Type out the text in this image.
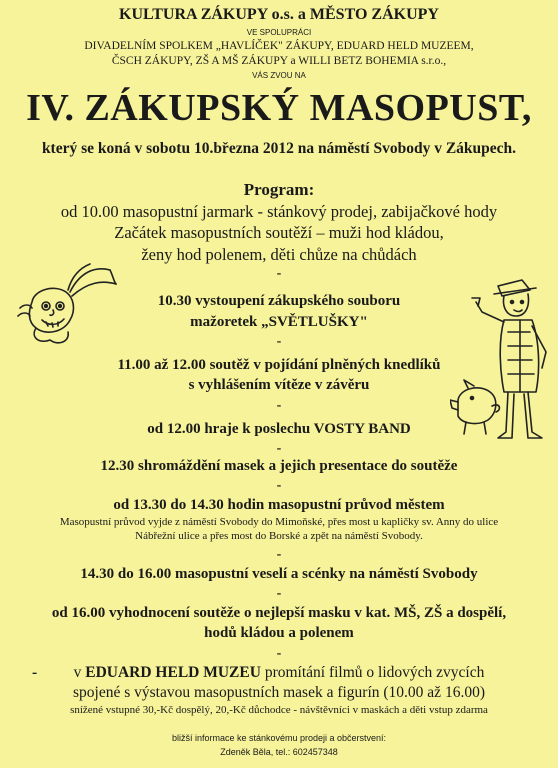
KULTURA ZÁKUPY o.s. a MĚSTO ZÁKUPY
VE SPOLUPRÁCI
DIVADELNÍM SPOLKEM „HAVLÍČEK" ZÁKUPY, EDUARD HELD MUZEEM,
ČSCH ZÁKUPY, ZŠ A MŠ ZÁKUPY a WILLI BETZ BOHEMIA s.r.o.,
VÁS ZVOU NA
IV. ZÁKUPSKÝ MASOPUST,
který se koná v sobotu 10.března 2012 na náměstí Svobody v Zákupech.
Program:
od 10.00 masopustní jarmark - stánkový prodej, zabijačkové hody
Začátek masopustních soutěží – muži hod kládou,
ženy hod polenem, děti chůze na chůdách
-
10.30 vystoupení zákupského souboru
mažoretek „SVĚTLUŠKY"
-
11.00 až 12.00 soutěž v pojídání plněných knedlíků
s vyhlášením vítěze v závěru
-
od 12.00 hraje k poslechu VOSTY BAND
-
12.30 shromáždění masek a jejich presentace do soutěže
-
od 13.30 do 14.30 hodin masopustní průvod městem
Masopustní průvod vyjde z náměstí Svobody do Mimoňské, přes most u kapličky sv. Anny do ulice
Nábřežní ulice a přes most do Borské a zpět na náměstí Svobody.
-
14.30 do 16.00 masopustní veselí a scénky na náměstí Svobody
-
od 16.00 vyhodnocení soutěže o nejlepší masku v kat. MŠ, ZŠ a dospělí,
hodů kládou a polenem
-
- v EDUARD HELD MUZEU promítání filmů o lidových zvycích
spojené s výstavou masopustních masek a figurín (10.00 až 16.00)
snížené vstupné 30,-Kč dospělý, 20,-Kč důchodce - návštěvníci v maskách a děti vstup zdarma
bližší informace ke stánkovému prodeji a občerstvení:
Zdeněk Běla, tel.: 602457348
